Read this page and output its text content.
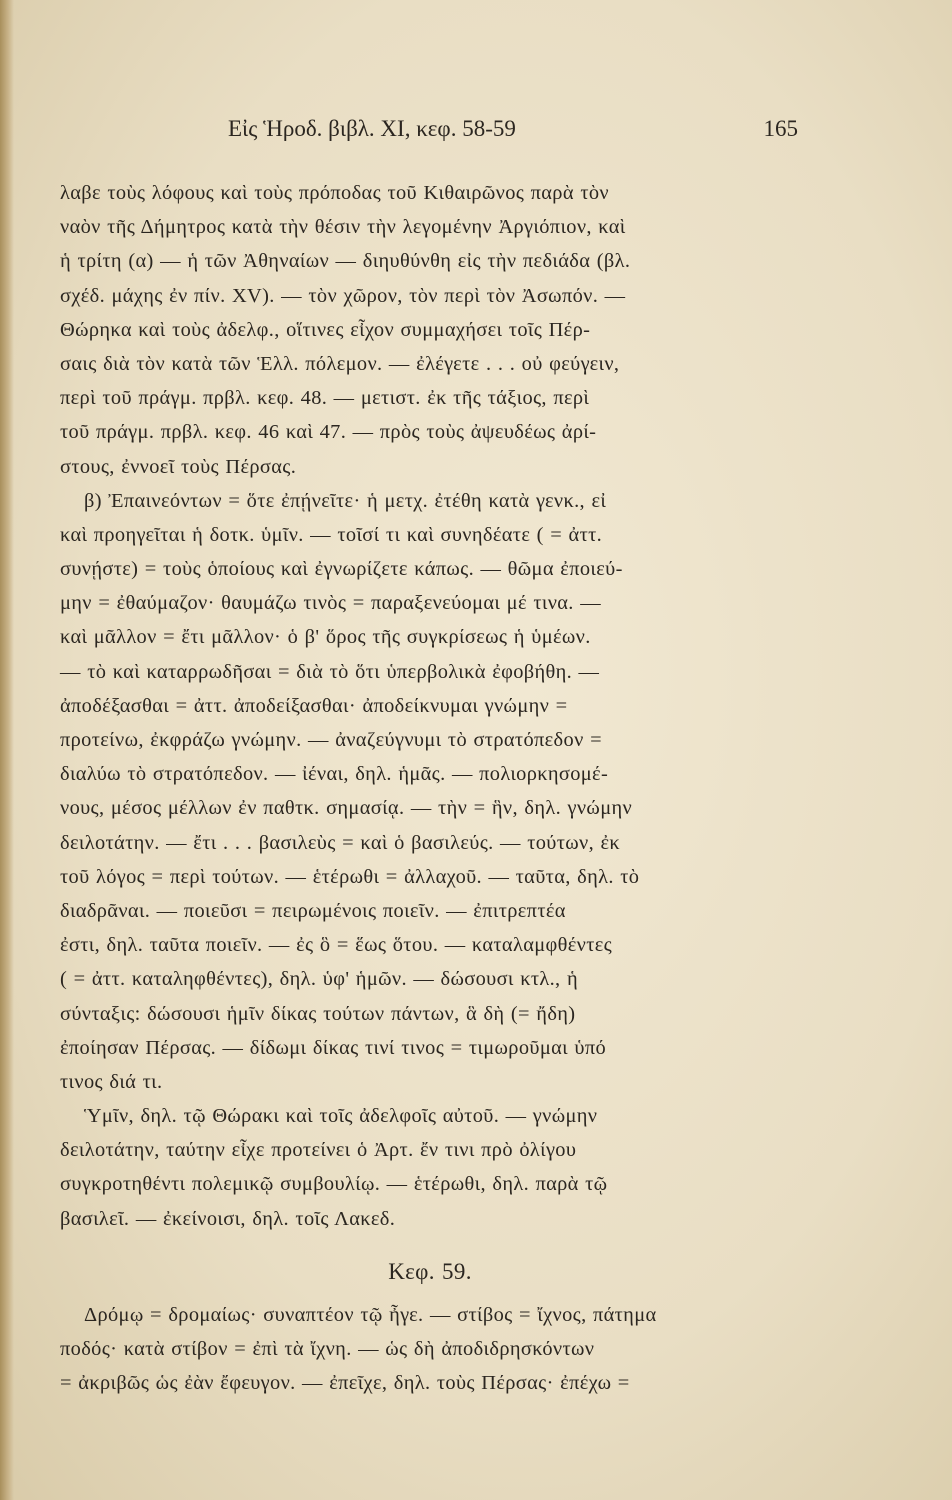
Εἰς Ἡροδ. βιβλ. XI, κεφ. 58-59	165
λαβε τοὺς λόφους καὶ τοὺς πρόποδας τοῦ Κιθαιρῶνος παρὰ τὸν
ναὸν τῆς Δήμητρος κατὰ τὴν θέσιν τὴν λεγομένην Ἀργιόπιον, καὶ
ἡ τρίτη (α) — ἡ τῶν Ἀθηναίων — διηυθύνθη εἰς τὴν πεδιάδα (βλ.
σχέδ. μάχης ἐν πίν. XV). — τὸν χῶρον, τὸν περὶ τὸν Ἀσωπόν. —
Θώρηκα καὶ τοὺς ἀδελφ., οἵτινες εἶχον συμμαχήσει τοῖς Πέρ-
σαις διὰ τὸν κατὰ τῶν Ἑλλ. πόλεμον. — ἐλέγετε . . . οὐ φεύγειν,
περὶ τοῦ πράγμ. πρβλ. κεφ. 48. — μετιστ. ἐκ τῆς τάξιος, περὶ
τοῦ πράγμ. πρβλ. κεφ. 46 καὶ 47. — πρὸς τοὺς ἀψευδέως ἀρί-
στους, ἐννοεῖ τοὺς Πέρσας.
β) Ἐπαινεόντων = ὅτε ἐπῄνεῖτε· ἡ μετχ. ἐτέθη κατὰ γενκ., εἰ
καὶ προηγεῖται ἡ δοτκ. ὑμῖν. — τοῖσί τι καὶ συνηδέατε ( = ἀττ.
συνῄστε) = τοὺς ὁποίους καὶ ἐγνωρίζετε κάπως. — θῶμα ἐποιεύ-
μην = ἐθαύμαζον· θαυμάζω τινὸς = παραξενεύομαι μέ τινα. —
καὶ μᾶλλον = ἔτι μᾶλλον· ὁ β' ὅρος τῆς συγκρίσεως ἡ ὑμέων.
— τὸ καὶ καταρρωδῆσαι = διὰ τὸ ὅτι ὑπερβολικὰ ἐφοβήθη. —
ἀποδέξασθαι = ἀττ. ἀποδείξασθαι· ἀποδείκνυμαι γνώμην =
προτείνω, ἐκφράζω γνώμην. — ἀναζεύγνυμι τὸ στρατόπεδον =
διαλύω τὸ στρατόπεδον. — ἰέναι, δηλ. ἡμᾶς. — πολιορκησομέ-
νους, μέσος μέλλων ἐν παθτκ. σημασίᾳ. — τὴν = ἣν, δηλ. γνώμην
δειλοτάτην. — ἔτι . . . βασιλεὺς = καὶ ὁ βασιλεύς. — τούτων, ἐκ
τοῦ λόγος = περὶ τούτων. — ἑτέρωθι = ἀλλαχοῦ. — ταῦτα, δηλ. τὸ
διαδρᾶναι. — ποιεῦσι = πειρωμένοις ποιεῖν. — ἐπιτρεπτέα
ἐστι, δηλ. ταῦτα ποιεῖν. — ἐς ὃ = ἕως ὅτου. — καταλαμφθέντες
( = ἀττ. καταληφθέντες), δηλ. ὑφ' ἡμῶν. — δώσουσι κτλ., ἡ
σύνταξις: δώσουσι ἡμῖν δίκας τούτων πάντων, ἃ δὴ (= ἤδη)
ἐποίησαν Πέρσας. — δίδωμι δίκας τινί τινος = τιμωροῦμαι ὑπό
τινος διά τι.
Ὑμῖν, δηλ. τῷ Θώρακι καὶ τοῖς ἀδελφοῖς αὐτοῦ. — γνώμην
δειλοτάτην, ταύτην εἶχε προτείνει ὁ Ἀρτ. ἔν τινι πρὸ ὀλίγου
συγκροτηθέντι πολεμικῷ συμβουλίῳ. — ἑτέρωθι, δηλ. παρὰ τῷ
βασιλεῖ. — ἐκείνοισι, δηλ. τοῖς Λακεδ.
Κεφ. 59.
Δρόμῳ = δρομαίως· συναπτέον τῷ ἦγε. — στίβος = ἴχνος, πάτημα
ποδός· κατὰ στίβον = ἐπὶ τὰ ἴχνη. — ὡς δὴ ἀποδιδρησκόντων
= ἀκριβῶς ὡς ἐὰν ἔφευγον. — ἐπεῖχε, δηλ. τοὺς Πέρσας· ἐπέχω =
